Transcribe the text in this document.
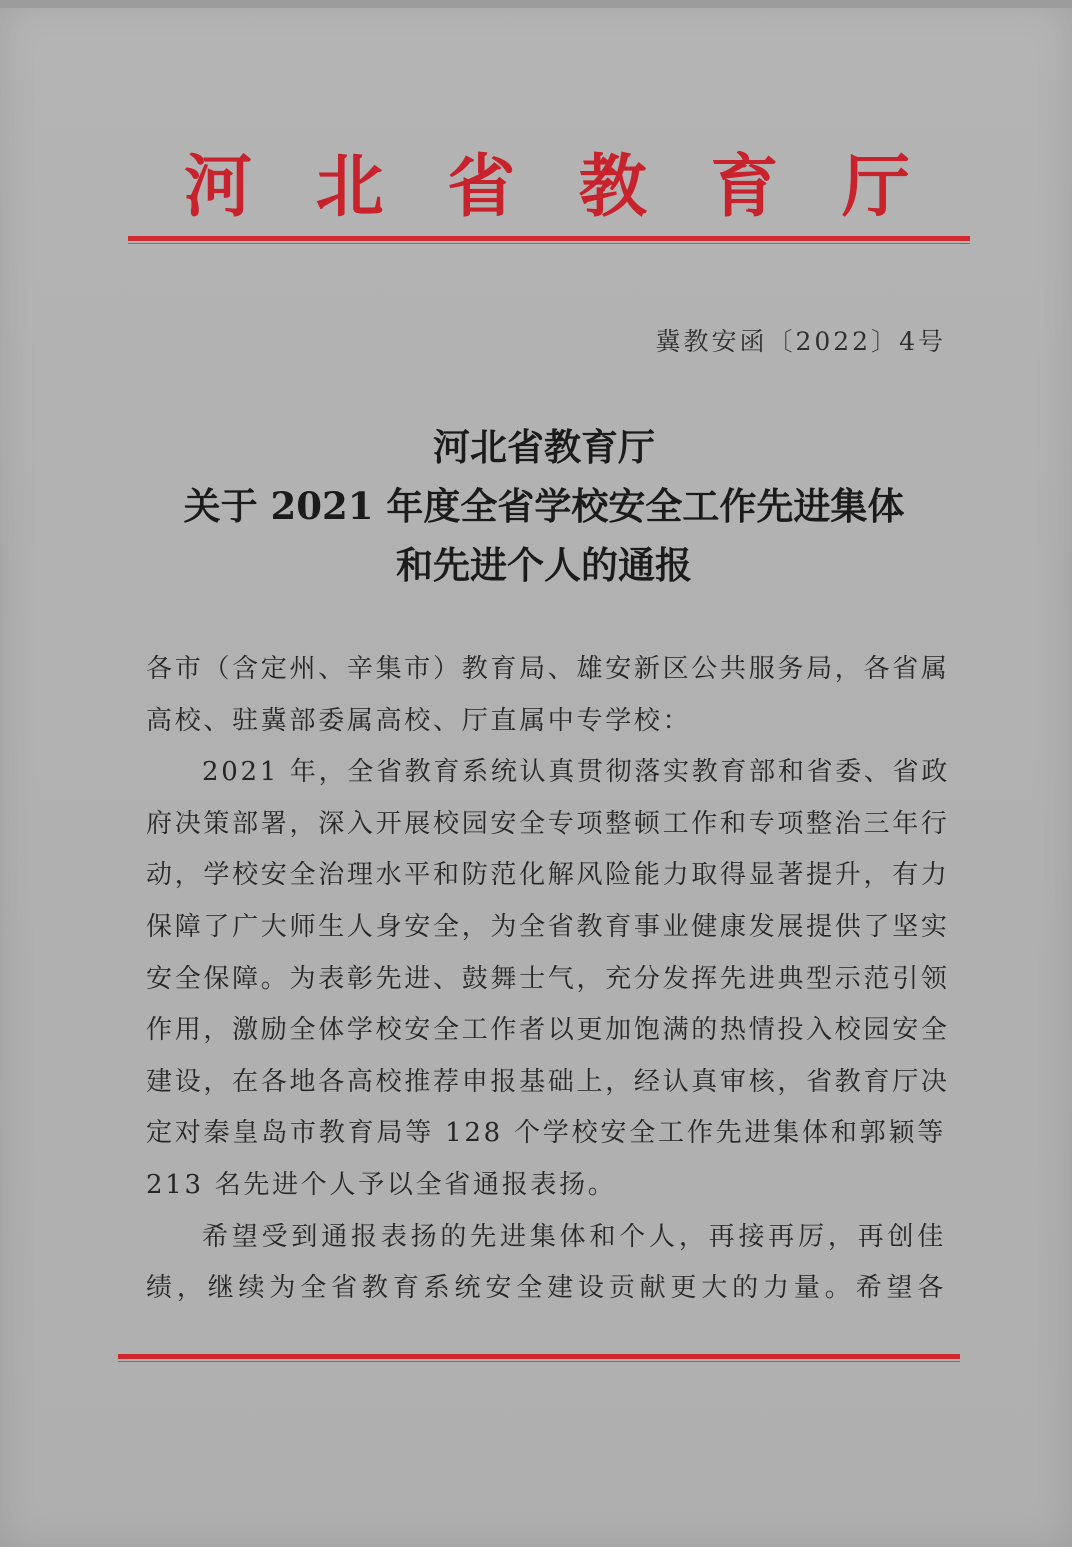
河 北 省 教 育 厅
冀教安函〔2022〕4号
河北省教育厅
关于 2021 年度全省学校安全工作先进集体
和先进个人的通报
各市（含定州、辛集市）教育局、雄安新区公共服务局，各省属
高校、驻冀部委属高校、厅直属中专学校：
2021 年，全省教育系统认真贯彻落实教育部和省委、省政
府决策部署，深入开展校园安全专项整顿工作和专项整治三年行
动，学校安全治理水平和防范化解风险能力取得显著提升，有力
保障了广大师生人身安全，为全省教育事业健康发展提供了坚实
安全保障。为表彰先进、鼓舞士气，充分发挥先进典型示范引领
作用，激励全体学校安全工作者以更加饱满的热情投入校园安全
建设，在各地各高校推荐申报基础上，经认真审核，省教育厅决
定对秦皇岛市教育局等 128 个学校安全工作先进集体和郭颖等
213 名先进个人予以全省通报表扬。
希望受到通报表扬的先进集体和个人，再接再厉，再创佳
绩，继续为全省教育系统安全建设贡献更大的力量。希望各
